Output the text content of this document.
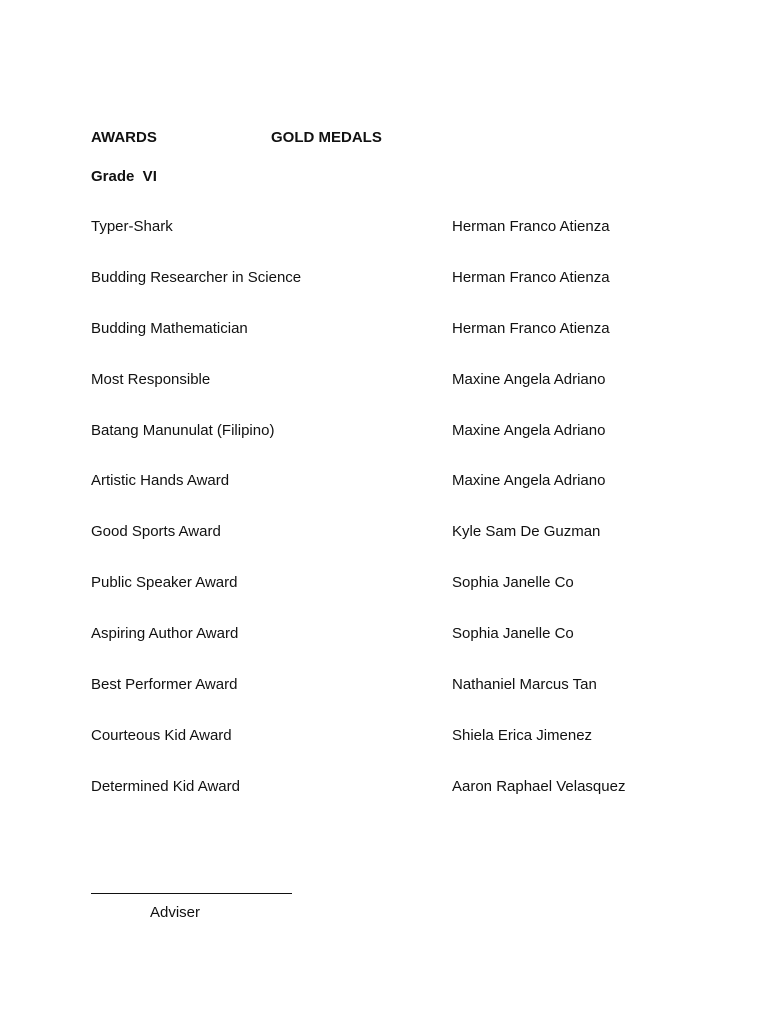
AWARDS	GOLD MEDALS
Grade  VI
Typer-Shark	Herman Franco Atienza
Budding Researcher in Science	Herman Franco Atienza
Budding Mathematician	Herman Franco Atienza
Most Responsible	Maxine Angela Adriano
Batang Manunulat (Filipino)	Maxine Angela Adriano
Artistic Hands Award	Maxine Angela Adriano
Good Sports Award	Kyle Sam De Guzman
Public Speaker Award	Sophia Janelle Co
Aspiring Author Award	Sophia Janelle Co
Best Performer Award	Nathaniel Marcus Tan
Courteous Kid Award	Shiela Erica Jimenez
Determined Kid Award	Aaron Raphael Velasquez
Adviser
